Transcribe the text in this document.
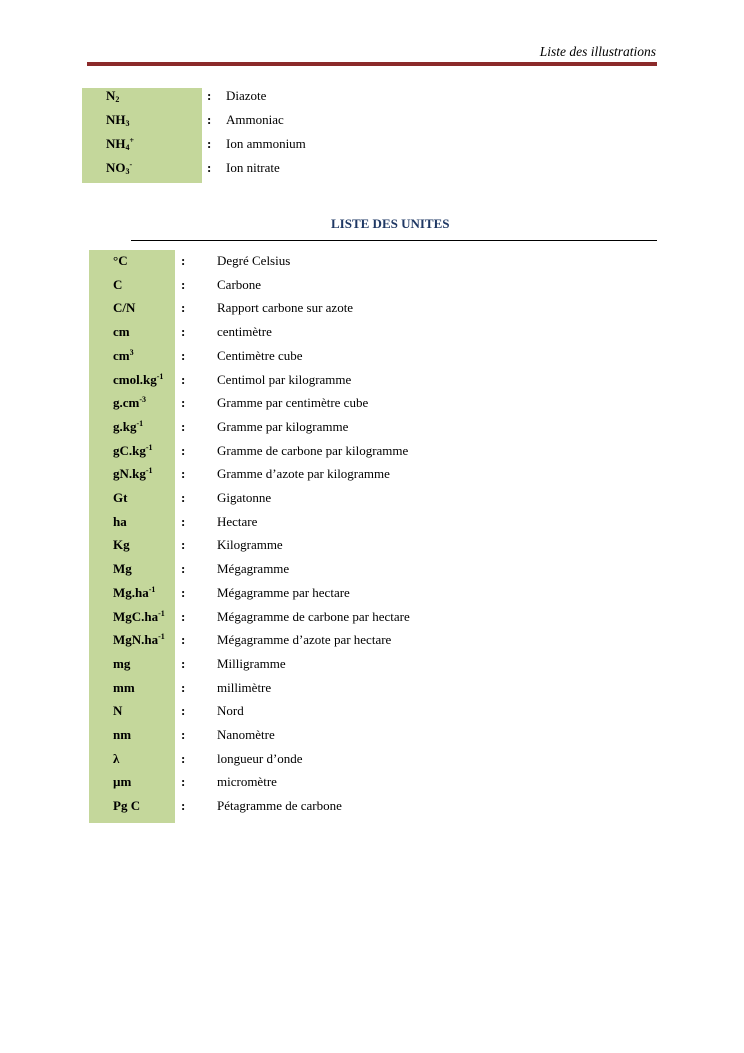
Liste des illustrations
$N_2$	: Diazote
$NH_3$	: Ammoniac
$NH_4^+$	: Ion ammonium
$NO_3^-$	: Ion nitrate
LISTE DES UNITES
°C	: Degré Celsius
C	: Carbone
C/N	: Rapport carbone sur azote
cm	: centimètre
$cm^3$	: Centimètre cube
$cmol.kg^{-1}$ : Centimol par kilogramme
$g.cm^{-3}$	: Gramme par centimètre cube
$g.kg^{-1}$	: Gramme par kilogramme
$gC.kg^{-1}$ : Gramme de carbone par kilogramme
$gN.kg^{-1}$ : Gramme d’azote par kilogramme
Gt	: Gigatonne
ha	: Hectare
Kg	: Kilogramme
Mg	: Mégagramme
$Mg.ha^{-1}$ : Mégagramme par hectare
$MgC.ha^{-1}$ : Mégagramme de carbone par hectare
$MgN.ha^{-1}$ : Mégagramme d’azote par hectare
mg	: Milligramme
mm	: millimètre
N	: Nord
nm	: Nanomètre
λ	: longueur d’onde
µm	: micromètre
Pg C	: Pétagramme de carbone
